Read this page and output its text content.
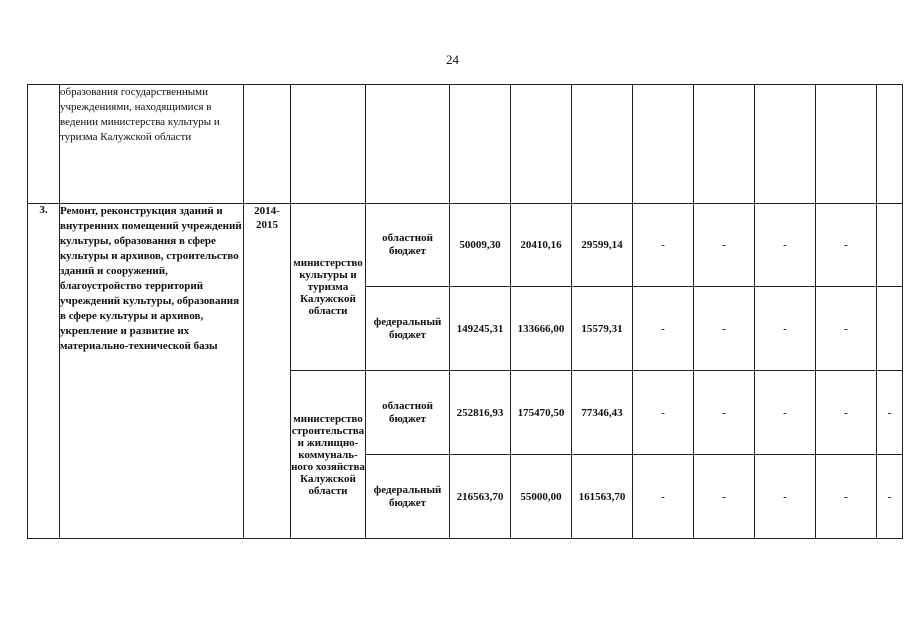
24
	образования государственными учреждениями, находящимися в ведении министерства культуры и туризма Калужской области											
3.	Ремонт, реконструкция зданий и внутренних помещений учреждений культуры, образования в сфере культуры и архивов, строительство зданий и сооружений, благоустройство территорий учреждений культуры, образования в сфере культуры и архивов, укрепление и развитие их материально-технической базы	2014-2015	министерство культуры и туризма Калужской области	областной бюджет	50009,30	20410,16	29599,14	-	-	-	-	
				федеральный бюджет	149245,31	133666,00	15579,31	-	-	-	-	
			министерство строительства и жилищно-коммуналь-ного хозяйства Калужской области	областной бюджет	252816,93	175470,50	77346,43	-	-	-	-	-
				федеральный бюджет	216563,70	55000,00	161563,70	-	-	-	-	-
